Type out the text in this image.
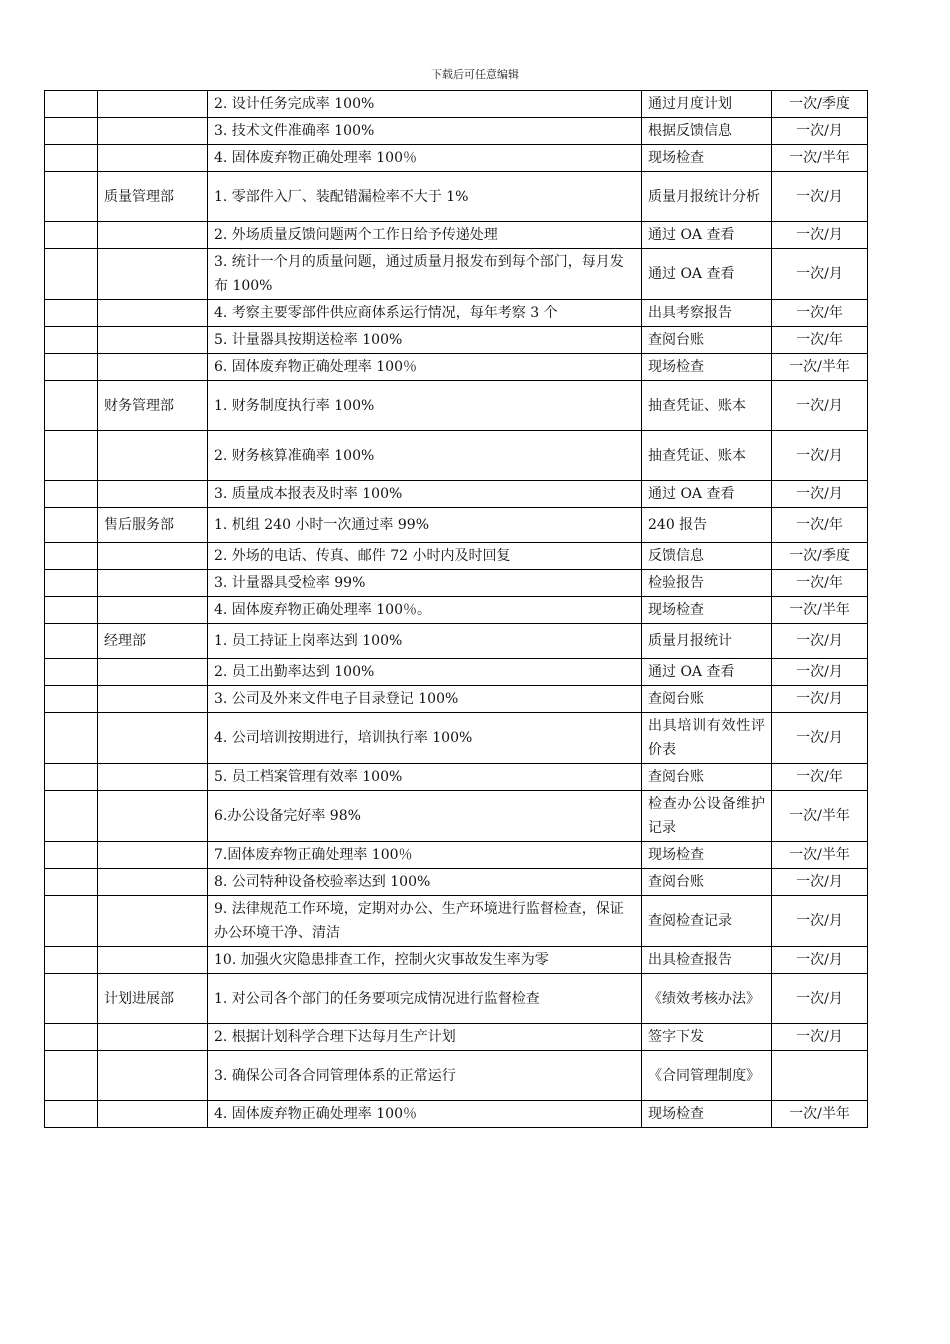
下载后可任意编辑
		2. 设计任务完成率 100%	通过月度计划	一次/季度
		3. 技术文件准确率 100%	根据反馈信息	一次/月
		4. 固体废弃物正确处理率 100％	现场检查	一次/半年
	质量管理部	1. 零部件入厂、装配错漏检率不大于 1%	质量月报统计分析	一次/月
		2. 外场质量反馈问题两个工作日给予传递处理	通过 OA 查看	一次/月
		3. 统计一个月的质量问题，通过质量月报发布到每个部门，每月发布 100%	通过 OA 查看	一次/月
		4. 考察主要零部件供应商体系运行情况，每年考察 3 个	出具考察报告	一次/年
		5. 计量器具按期送检率 100%	查阅台账	一次/年
		6. 固体废弃物正确处理率 100％	现场检查	一次/半年
	财务管理部	1. 财务制度执行率 100%	抽查凭证、账本	一次/月
		2. 财务核算准确率 100%	抽查凭证、账本	一次/月
		3. 质量成本报表及时率 100%	通过 OA 查看	一次/月
	售后服务部	1. 机组 240 小时一次通过率 99%	240 报告	一次/年
		2. 外场的电话、传真、邮件 72 小时内及时回复	反馈信息	一次/季度
		3. 计量器具受检率 99%	检验报告	一次/年
		4. 固体废弃物正确处理率 100％。	现场检查	一次/半年
	经理部	1. 员工持证上岗率达到 100%	质量月报统计	一次/月
		2. 员工出勤率达到 100%	通过 OA 查看	一次/月
		3. 公司及外来文件电子目录登记 100%	查阅台账	一次/月
		4. 公司培训按期进行，培训执行率 100%	出具培训有效性评价表	一次/月
		5. 员工档案管理有效率 100%	查阅台账	一次/年
		6.办公设备完好率 98%	检查办公设备维护记录	一次/半年
		7.固体废弃物正确处理率 100％	现场检查	一次/半年
		8. 公司特种设备校验率达到 100%	查阅台账	一次/月
		9. 法律规范工作环境，定期对办公、生产环境进行监督检查，保证办公环境干净、清洁	查阅检查记录	一次/月
		10. 加强火灾隐患排查工作，控制火灾事故发生率为零	出具检查报告	一次/月
	计划进展部	1. 对公司各个部门的任务要项完成情况进行监督检查	《绩效考核办法》	一次/月
		2. 根据计划科学合理下达每月生产计划	签字下发	一次/月
		3. 确保公司各合同管理体系的正常运行	《合同管理制度》	
		4. 固体废弃物正确处理率 100％	现场检查	一次/半年
